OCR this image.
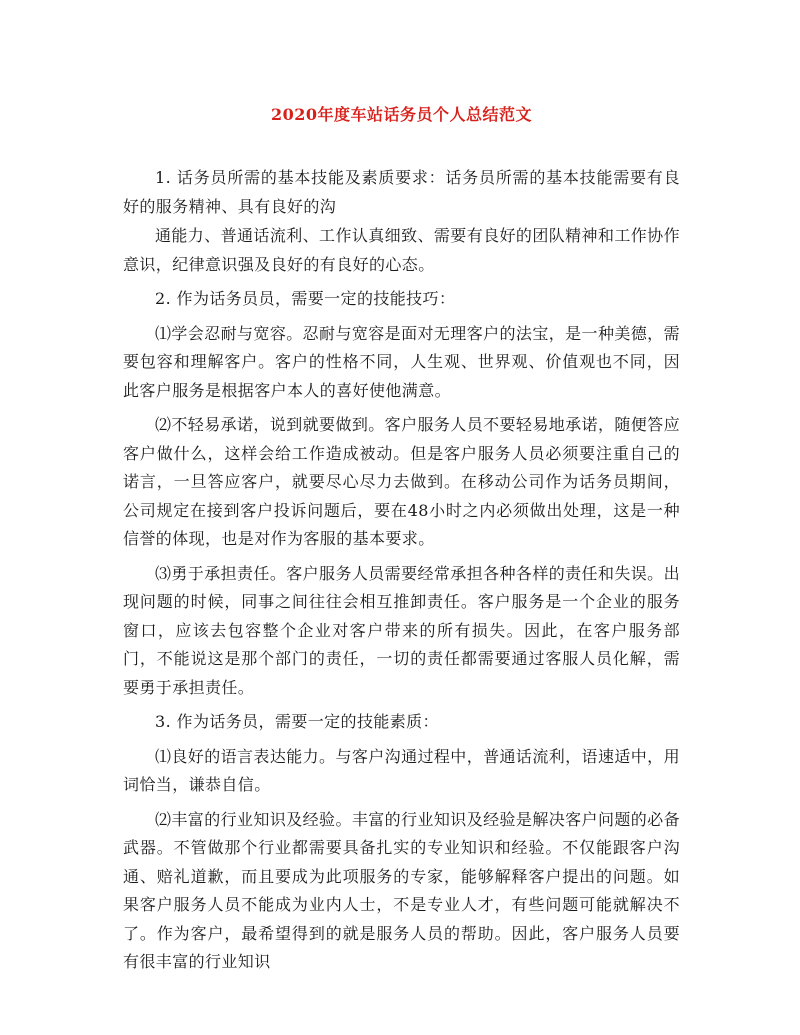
2020年度车站话务员个人总结范文

1. 话务员所需的基本技能及素质要求：话务员所需的基本技能需要有良好的服务精神、具有良好的沟

通能力、普通话流利、工作认真细致、需要有良好的团队精神和工作协作意识，纪律意识强及良好的有良好的心态。

2. 作为话务员员，需要一定的技能技巧：

⑴学会忍耐与宽容。忍耐与宽容是面对无理客户的法宝，是一种美德，需要包容和理解客户。客户的性格不同，人生观、世界观、价值观也不同，因此客户服务是根据客户本人的喜好使他满意。

⑵不轻易承诺，说到就要做到。客户服务人员不要轻易地承诺，随便答应客户做什么，这样会给工作造成被动。但是客户服务人员必须要注重自己的诺言，一旦答应客户，就要尽心尽力去做到。在移动公司作为话务员期间，公司规定在接到客户投诉问题后，要在48小时之内必须做出处理，这是一种信誉的体现，也是对作为客服的基本要求。

⑶勇于承担责任。客户服务人员需要经常承担各种各样的责任和失误。出现问题的时候，同事之间往往会相互推卸责任。客户服务是一个企业的服务窗口，应该去包容整个企业对客户带来的所有损失。因此，在客户服务部门，不能说这是那个部门的责任，一切的责任都需要通过客服人员化解，需要勇于承担责任。

3. 作为话务员，需要一定的技能素质：

⑴良好的语言表达能力。与客户沟通过程中，普通话流利，语速适中，用词恰当，谦恭自信。

⑵丰富的行业知识及经验。丰富的行业知识及经验是解决客户问题的必备武器。不管做那个行业都需要具备扎实的专业知识和经验。不仅能跟客户沟通、赔礼道歉，而且要成为此项服务的专家，能够解释客户提出的问题。如果客户服务人员不能成为业内人士，不是专业人才，有些问题可能就解决不了。作为客户，最希望得到的就是服务人员的帮助。因此，客户服务人员要有很丰富的行业知识
